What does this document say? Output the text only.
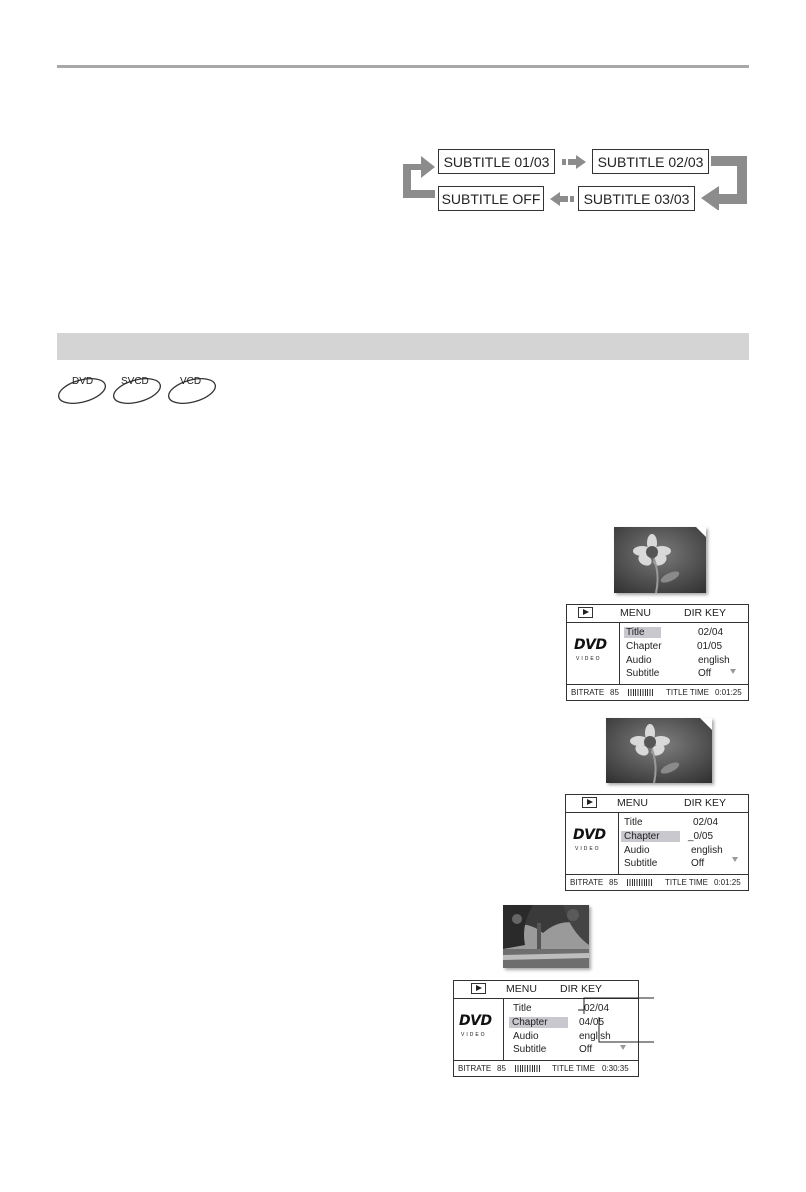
SUBTITLE 01/03	SUBTITLE 02/03
SUBTITLE 03/03
SUBTITLE OFF
DVD	SVCD	VCD
MENU	DIR KEY
DVD
VIDEO
Title	02/04
Chapter	01/05
Audio	english
Subtitle	Off
BITRATE 85	TITLE TIME 0:01:25
MENU	DIR KEY
DVD
VIDEO
Title	02/04
Chapter	_0/05
Audio	english
Subtitle	Off
BITRATE 85	TITLE TIME 0:01:25
MENU DIR KEY
DVD
VIDEO
Title	02/04
Chapter	04/05
Audio	english
Subtitle	Off
BITRATE 85	TITLE TIME 0:30:35
